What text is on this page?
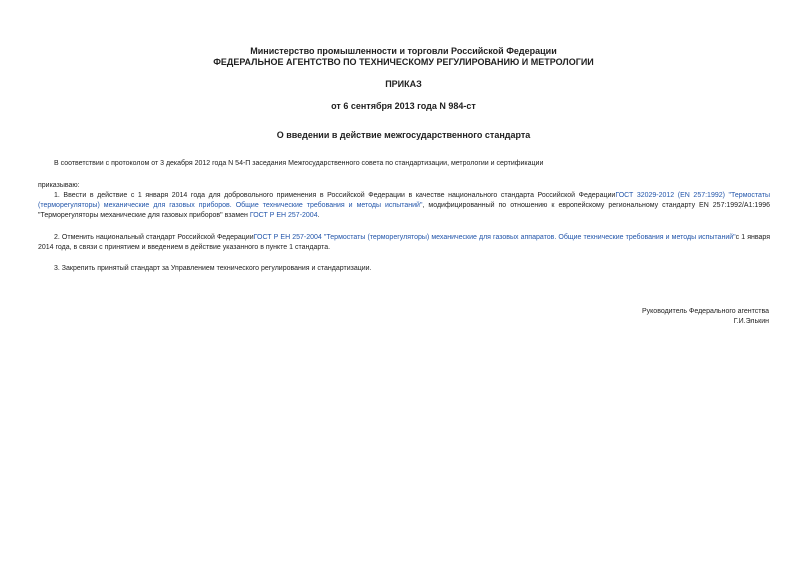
Министерство промышленности и торговли Российской Федерации
ФЕДЕРАЛЬНОЕ АГЕНТСТВО ПО ТЕХНИЧЕСКОМУ РЕГУЛИРОВАНИЮ И МЕТРОЛОГИИ
ПРИКАЗ
от 6 сентября 2013 года N 984-ст
О введении в действие межгосударственного стандарта
В соответствии с протоколом от 3 декабря 2012 года N 54-П заседания Межгосударственного совета по стандартизации, метрологии и сертификации
приказываю:
1. Ввести в действие с 1 января 2014 года для добровольного применения в Российской Федерации в качестве национального стандарта Российской ФедерацииГОСТ 32029-2012 (EN 257:1992) "Термостаты (терморегуляторы) механические для газовых приборов. Общие технические требования и методы испытаний", модифицированный по отношению к европейскому региональному стандарту EN 257:1992/A1:1996 "Терморегуляторы механические для газовых приборов" взамен ГОСТ Р ЕН 257-2004.
2. Отменить национальный стандарт Российской ФедерацииГОСТ Р ЕН 257-2004 "Термостаты (терморегуляторы) механические для газовых аппаратов. Общие технические требования и методы испытаний"с 1 января 2014 года, в связи с принятием и введением в действие указанного в пункте 1 стандарта.
3. Закрепить принятый стандарт за Управлением технического регулирования и стандартизации.
Руководитель Федерального агентства
Г.И.Элькин
